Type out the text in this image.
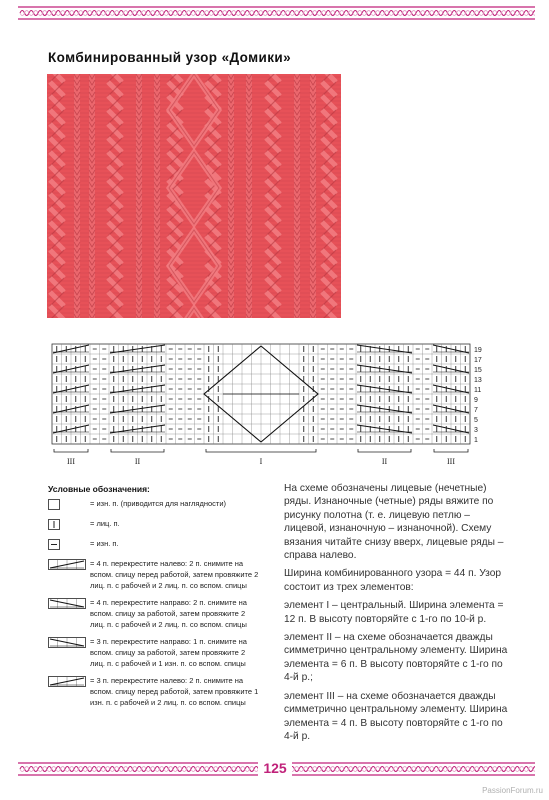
125
Комбинированный узор «Домики»
19
17
15
13
11
9
7
5
3
1
III	II	I	II	III
Условные обозначения:
= изн. п. (приводится для наглядности)
= лиц. п.
= изн. п.
= 4 п. перекрестите налево: 2 п. снимите на вспом. спицу перед работой, затем провяжите 2 лиц. п. с рабочей и 2 лиц. п. со вспом. спицы
= 4 п. перекрестите направо: 2 п. снимите на вспом. спицу за работой, затем провяжите 2 лиц. п. с рабочей и 2 лиц. п. со вспом. спицы
= 3 п. перекрестите направо: 1 п. снимите на вспом. спицу за работой, затем провяжите 2 лиц. п. с рабочей и 1 изн. п. со вспом. спицы
= 3 п. перекрестите налево: 2 п. снимите на вспом. спицу перед работой, затем провяжите 1 изн. п. с рабочей и 2 лиц. п. со вспом. спицы

На схеме обозначены лицевые (нечетные) ряды. Изнаночные (четные) ряды вяжите по рисунку полотна (т. е. лицевую петлю – лицевой, изнаночную – изнаночной). Схему вязания читайте снизу вверх, лицевые ряды – справа налево.

Ширина комбинированного узора = 44 п. Узор состоит из трех элементов:

элемент I – центральный. Ширина элемента = 12 п. В высоту повторяйте с 1-го по 10-й р.

элемент II – на схеме обозначается дважды симметрично центральному элементу. Ширина элемента = 6 п. В высоту повторяйте с 1-го по 4-й р.;

элемент III – на схеме обозначается дважды симметрично центральному элементу. Ширина элемента = 4 п. В высоту повторяйте с 1-го по 4-й р.

PassionForum.ru
